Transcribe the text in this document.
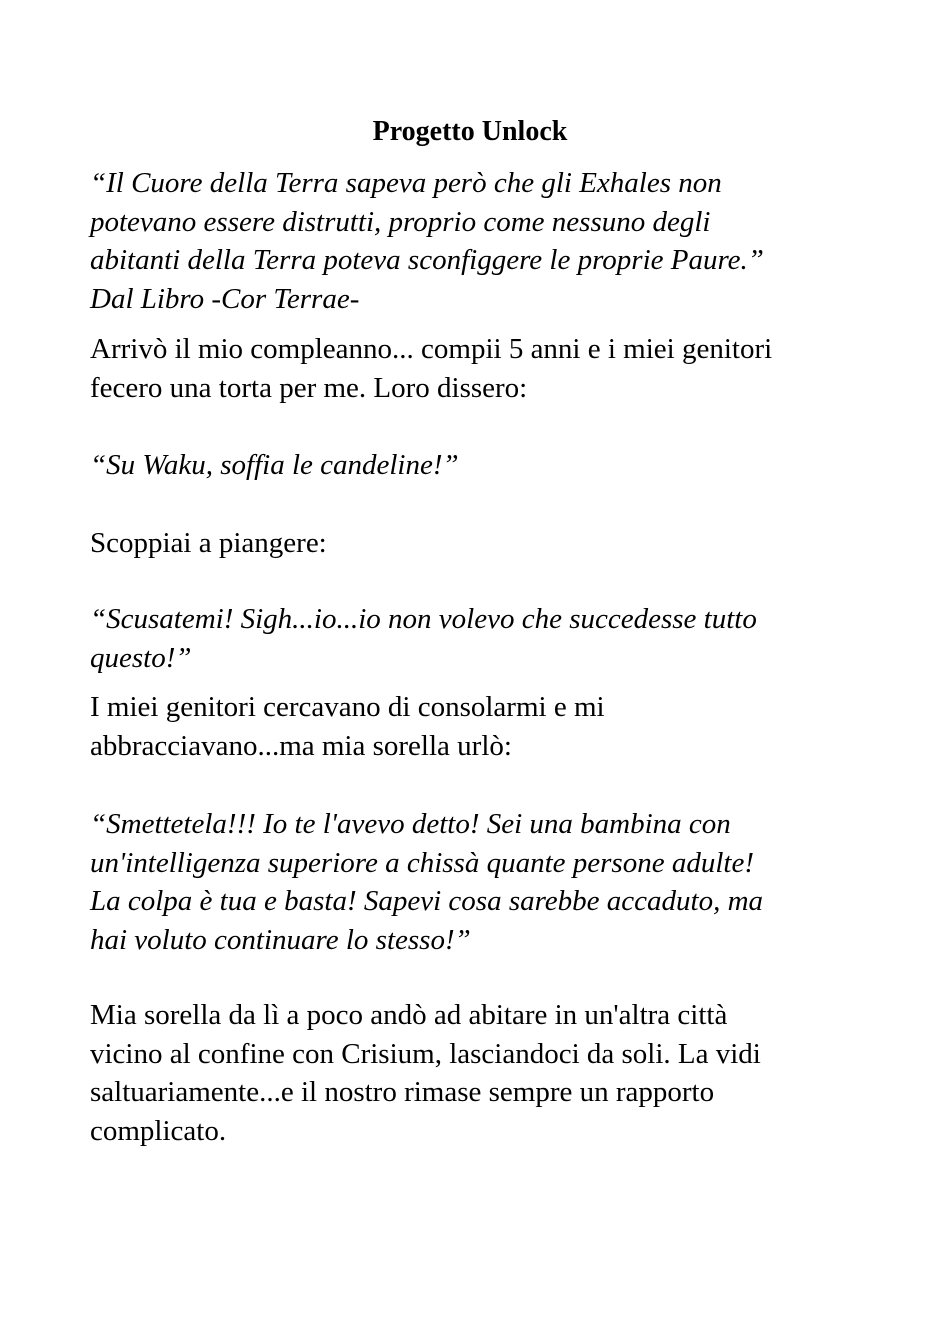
Progetto Unlock
“Il Cuore della Terra sapeva però che gli Exhales non
potevano essere distrutti, proprio come nessuno degli
abitanti della Terra poteva sconfiggere le proprie Paure.”
Dal Libro -Cor Terrae-
Arrivò il mio compleanno... compii 5 anni e i miei genitori
fecero una torta per me. Loro dissero:
“Su Waku, soffia le candeline!”
Scoppiai a piangere:
“Scusatemi! Sigh...io...io non volevo che succedesse tutto
questo!”
I miei genitori cercavano di consolarmi e mi
abbracciavano...ma mia sorella urlò:
“Smettetela!!! Io te l'avevo detto! Sei una bambina con
un'intelligenza superiore a chissà quante persone adulte!
La colpa è tua e basta! Sapevi cosa sarebbe accaduto, ma
hai voluto continuare lo stesso!”
Mia sorella da lì a poco andò ad abitare in un'altra città
vicino al confine con Crisium, lasciandoci da soli. La vidi
saltuariamente...e il nostro rimase sempre un rapporto
complicato.
